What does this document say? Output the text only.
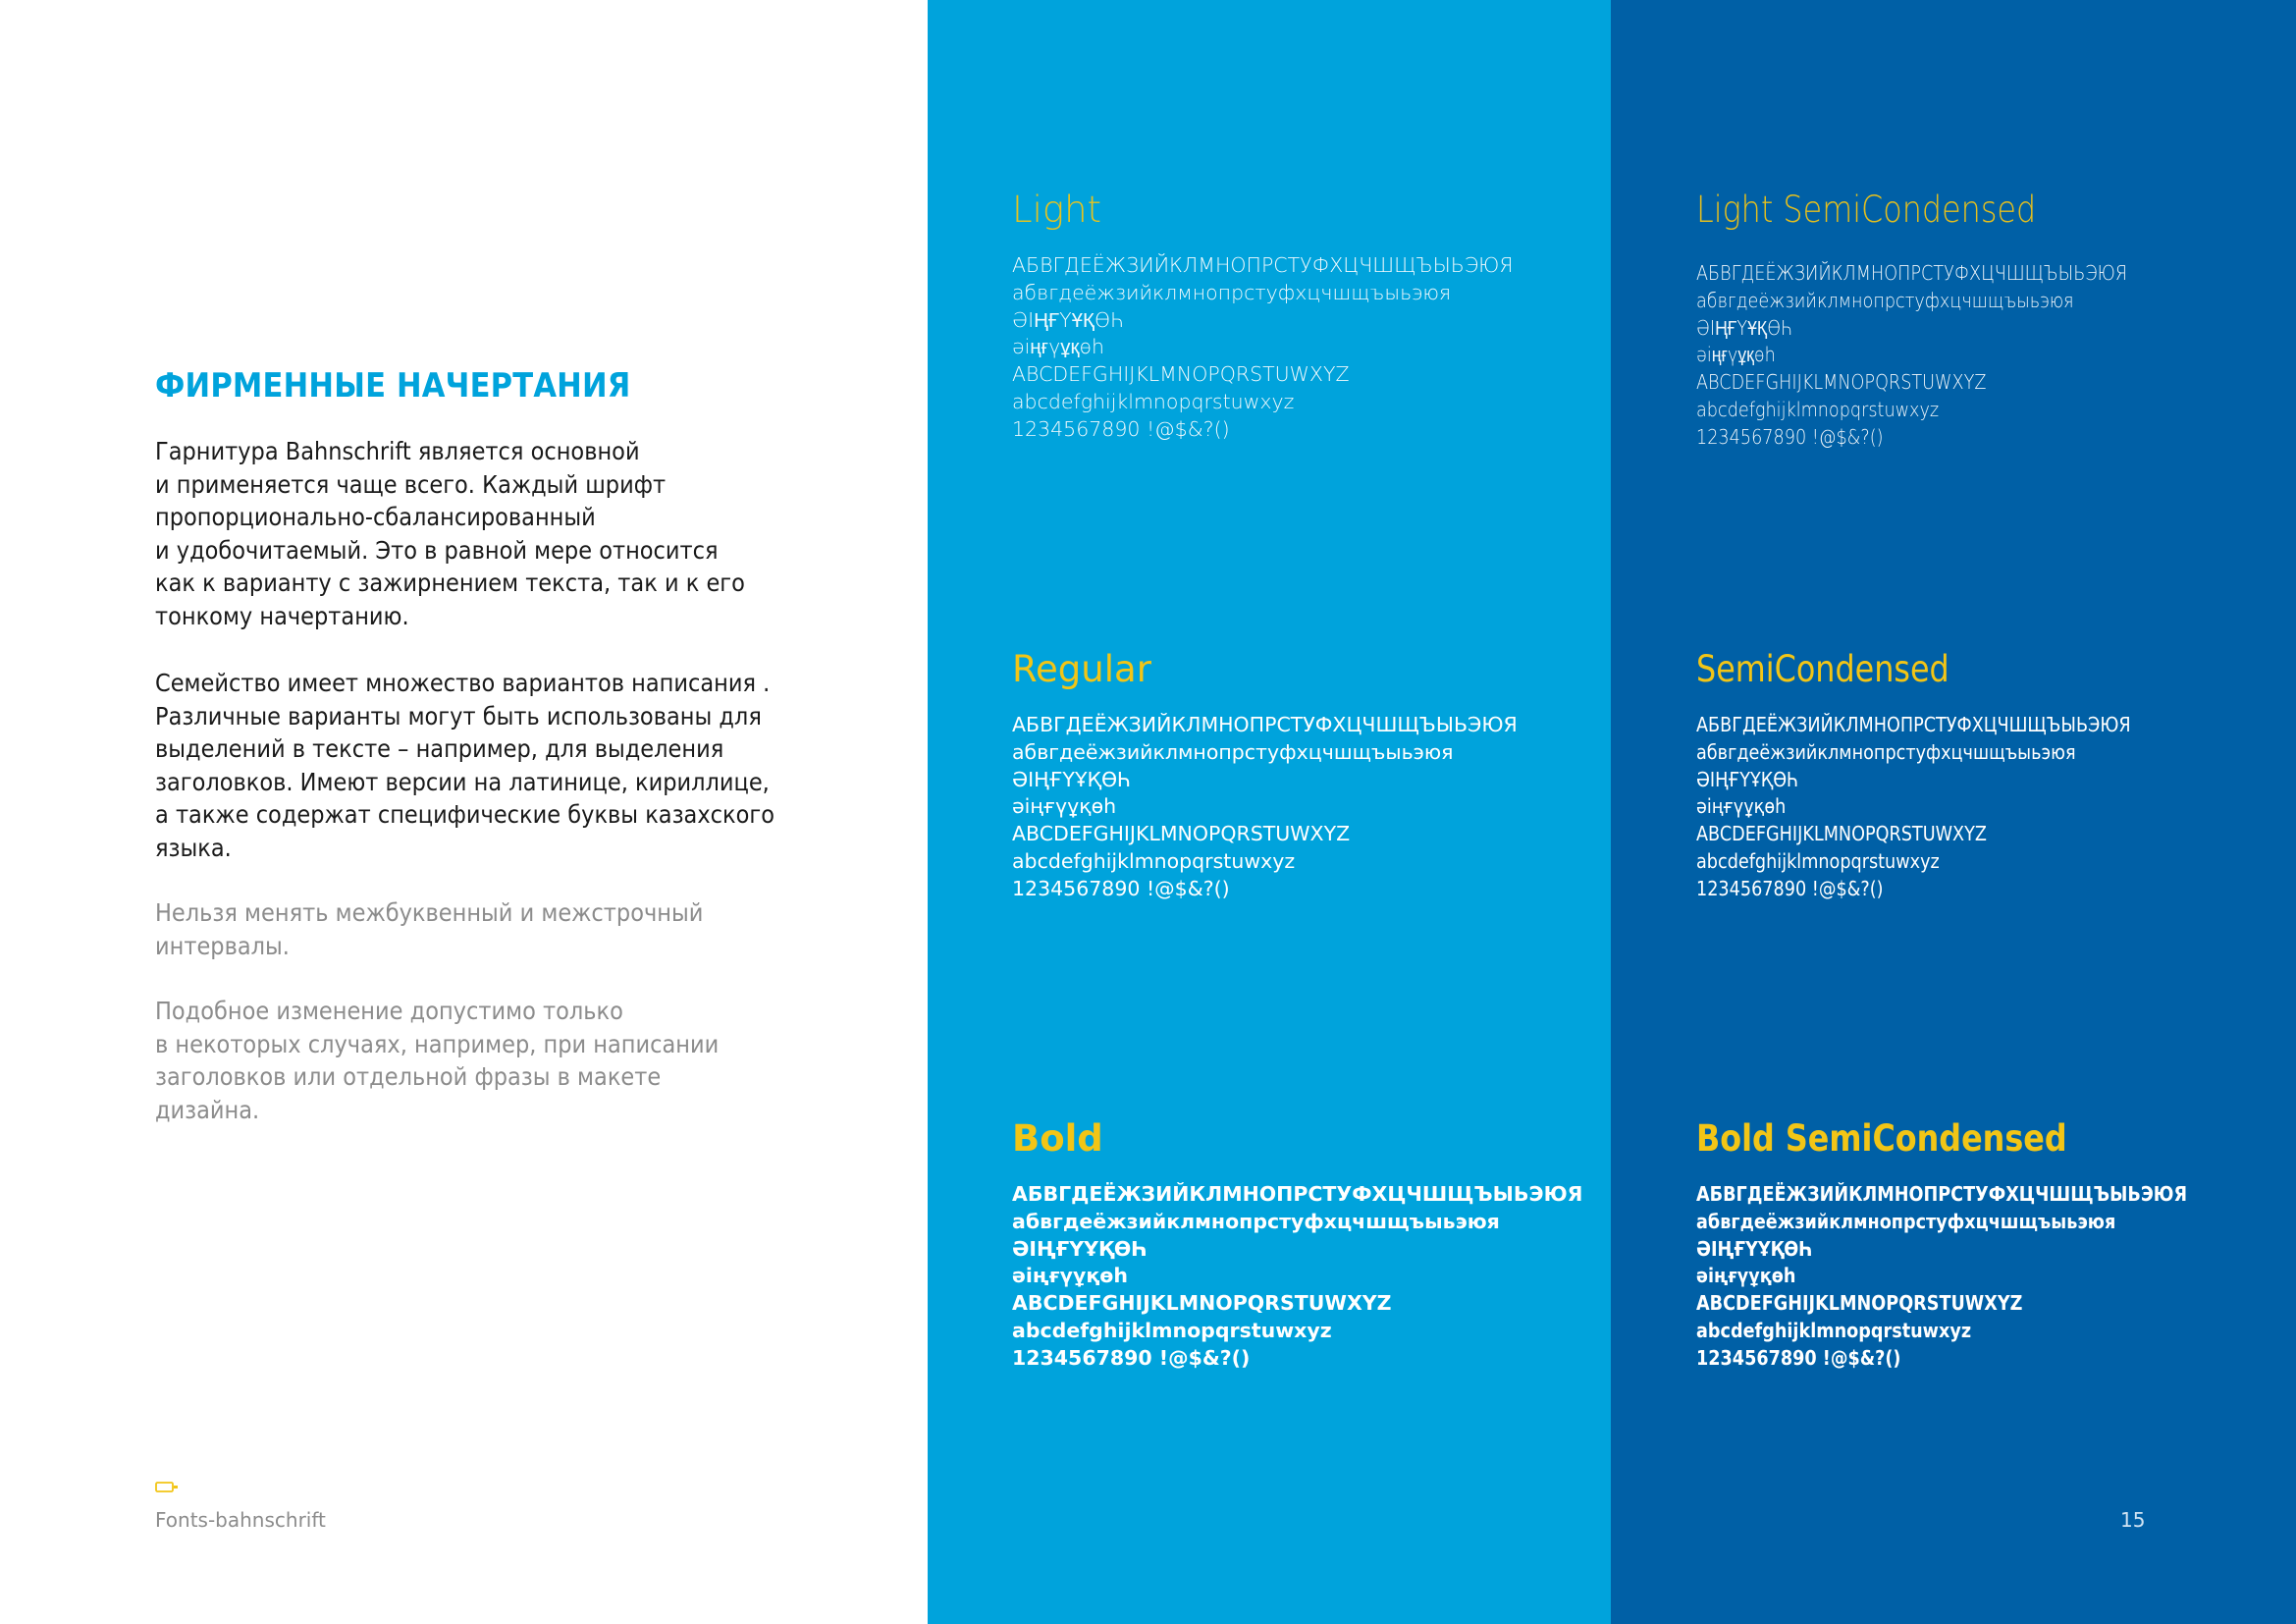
ФИРМЕННЫЕ НАЧЕРТАНИЯ

Гарнитура Bahnschrift является основной
и применяется чаще всего. Каждый шрифт
пропорционально-сбалансированный
и удобочитаемый. Это в равной мере относится
как к варианту с зажирнением текста, так и к его
тонкому начертанию.

Семейство имеет множество вариантов написания .
Различные варианты могут быть использованы для
выделений в тексте – например, для выделения
заголовков. Имеют версии на латинице, кириллице,
а также содержат специфические буквы казахского
языка.

Нельзя менять межбуквенный и межстрочный
интервалы.

Подобное изменение допустимо только
в некоторых случаях, например, при написании
заголовков или отдельной фразы в макете
дизайна.

Fonts-bahnschrift	15
Light
АБВГДЕЁЖЗИЙКЛМНОПРСТУФХЦЧШЩЪЫЬЭЮЯ
абвгдеёжзийклмнопрстуфхцчшщъыьэюя
ӘІҢҒҮҰҚӨҺ
әіңғүұқөһ
ABCDEFGHIJKLMNOPQRSTUWXYZ
abcdefghijklmnopqrstuwxyz
1234567890 !@$&?()
Light SemiCondensed
АБВГДЕЁЖЗИЙКЛМНОПРСТУФХЦЧШЩЪЫЬЭЮЯ
абвгдеёжзийклмнопрстуфхцчшщъыьэюя
ӘІҢҒҮҰҚӨҺ
әіңғүұқөһ
ABCDEFGHIJKLMNOPQRSTUWXYZ
abcdefghijklmnopqrstuwxyz
1234567890 !@$&?()
Regular
АБВГДЕЁЖЗИЙКЛМНОПРСТУФХЦЧШЩЪЫЬЭЮЯ
абвгдеёжзийклмнопрстуфхцчшщъыьэюя
ӘІҢҒҮҰҚӨҺ
әіңғүұқөһ
ABCDEFGHIJKLMNOPQRSTUWXYZ
abcdefghijklmnopqrstuwxyz
1234567890 !@$&?()
SemiCondensed
АБВГДЕЁЖЗИЙКЛМНОПРСТУФХЦЧШЩЪЫЬЭЮЯ
абвгдеёжзийклмнопрстуфхцчшщъыьэюя
ӘІҢҒҮҰҚӨҺ
әіңғүұқөһ
ABCDEFGHIJKLMNOPQRSTUWXYZ
abcdefghijklmnopqrstuwxyz
1234567890 !@$&?()
Bold
АБВГДЕЁЖЗИЙКЛМНОПРСТУФХЦЧШЩЪЫЬЭЮЯ
абвгдеёжзийклмнопрстуфхцчшщъыьэюя
ӘІҢҒҮҰҚӨҺ
әіңғүұқөһ
ABCDEFGHIJKLMNOPQRSTUWXYZ
abcdefghijklmnopqrstuwxyz
1234567890 !@$&?()
Bold SemiCondensed
АБВГДЕЁЖЗИЙКЛМНОПРСТУФХЦЧШЩЪЫЬЭЮЯ
абвгдеёжзийклмнопрстуфхцчшщъыьэюя
ӘІҢҒҮҰҚӨҺ
әіңғүұқөһ
ABCDEFGHIJKLMNOPQRSTUWXYZ
abcdefghijklmnopqrstuwxyz
1234567890 !@$&?()
